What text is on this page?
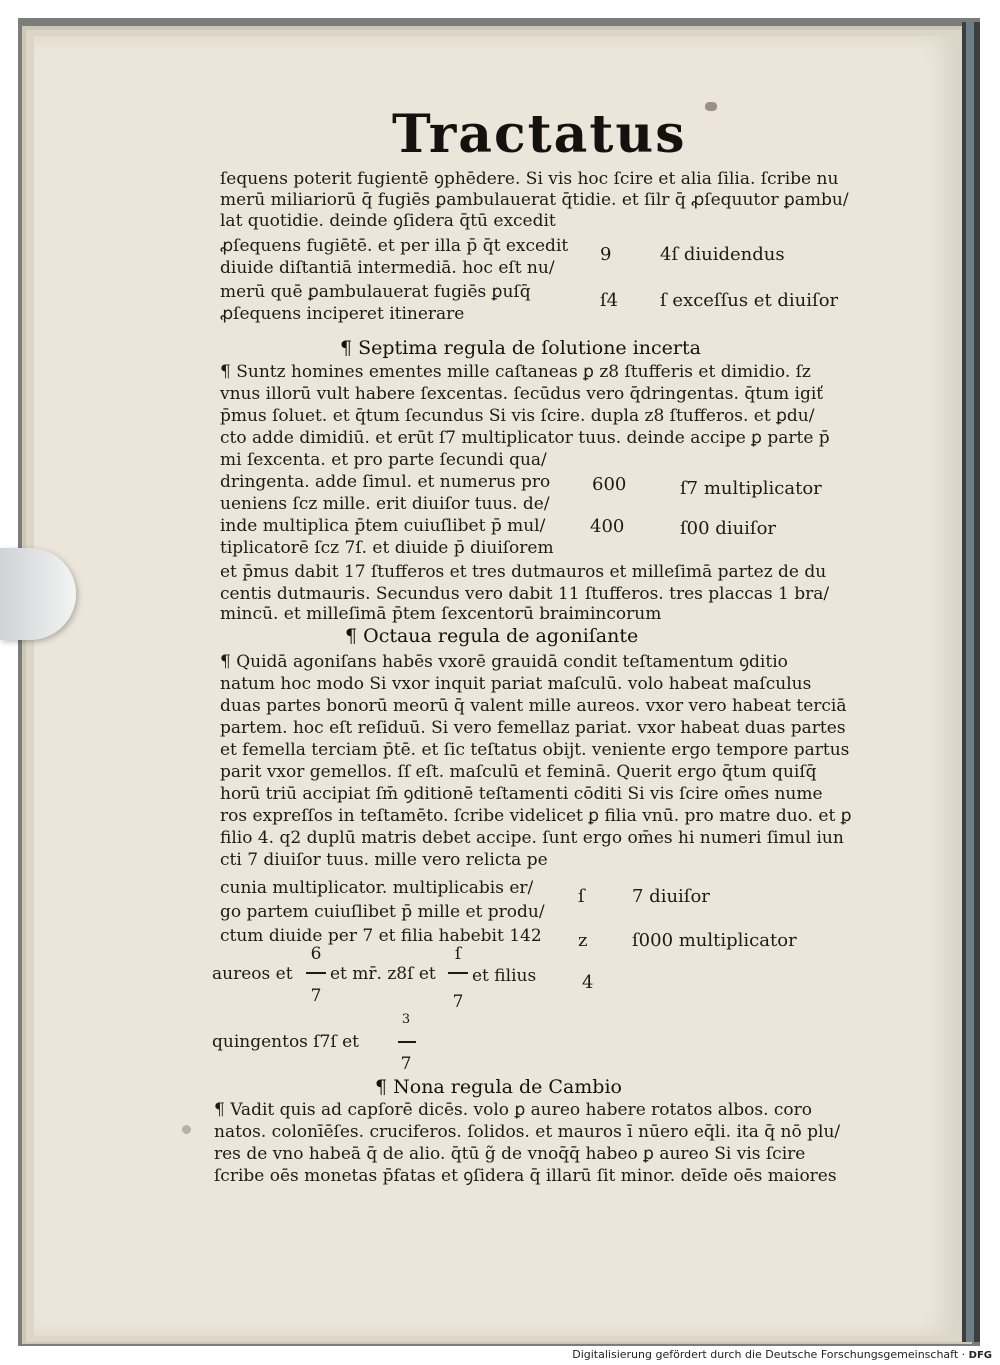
Tractatus
ſequens poterit fugientē ꝯphēdere. Si vis hoc ſcire et alia ſilia. ſcribe nu
merū miliariorū q̄ fugiēs ꝑambulauerat q̄tidie. et ſilr q̄ ꝓſequutor ꝑambu/
lat quotidie. deinde ꝯſidera q̄tū excedit
ꝓſequens fugiētē. et per illa p̄ q̄t excedit
diuide diſtantiā intermediā. hoc eſt nu/
merū quē ꝑambulauerat fugiēs ꝑuſq̄
ꝓſequens inciperet itinerare
9	4ſ diuidendus
ſ4 ſ exceſſus et diuiſor
¶ Septima regula de ſolutione incerta
¶ Suntz homines ementes mille caſtaneas ꝑ z8 ſtufferis et dimidio. ſz
vnus illorū vult habere ſexcentas. ſecūdus vero q̄dringentas. q̄tum igiť
p̄mus ſoluet. et q̄tum ſecundus Si vis ſcire. dupla z8 ſtufferos. et ꝑdu/
cto adde dimidiū. et erūt ſ7 multiplicator tuus. deinde accipe ꝑ parte p̄
mi ſexcenta. et pro parte ſecundi qua/
dringenta. adde ſimul. et numerus pro
ueniens ſcz mille. erit diuiſor tuus. de/
inde multiplica p̄tem cuiuſlibet p̄ mul/
tiplicatorē ſcz 7ſ. et diuide p̄ diuiſorem
600	ſ7 multiplicator
400	ſ00 diuiſor
et p̄mus dabit 17 ſtufferos et tres dutmauros et milleſimā partez de du
centis dutmauris. Secundus vero dabit 11 ſtufferos. tres placcas 1 bra/
mincū. et milleſimā p̄tem ſexcentorū braimincorum
¶ Octaua regula de agoniſante
¶ Quidā agoniſans habēs vxorē grauidā condit teſtamentum ꝯditio
natum hoc modo Si vxor inquit pariat maſculū. volo habeat maſculus
duas partes bonorū meorū q̄ valent mille aureos. vxor vero habeat terciā
partem. hoc eſt reſiduū. Si vero femellaz pariat. vxor habeat duas partes
et femella terciam p̄tē. et ſic teſtatus obijt. veniente ergo tempore partus
parit vxor gemellos. ſſ eſt. maſculū et feminā. Querit ergo q̄tum quiſq̄
horū triū accipiat ſm̄ ꝯditionē teſtamenti cōditi Si vis ſcire om̄es nume
ros expreſſos in teſtamēto. ſcribe videlicet ꝑ filia vnū. pro matre duo. et ꝑ
filio 4. q2 duplū matris debet accipe. ſunt ergo om̄es hi numeri ſimul iun
cti 7 diuiſor tuus. mille vero relicta pe
cunia multiplicator. multiplicabis er/
go partem cuiuſlibet p̄ mille et produ/
ctum diuide per 7 et filia habebit 142
ſ	7 diuiſor
z ſ000 multiplicator
aureos et
6
7
et mr̄. z8ſ et
ſ
7
et filius	4
quingentos ſ7ſ et
3
7
¶ Nona regula de Cambio
¶ Vadit quis ad capſorē dicēs. volo ꝑ aureo habere rotatos albos. coro
natos. colonīēſes. cruciferos. ſolidos. et mauros ī nūero eq̄li. ita q̄ nō plu/
res de vno habeā q̄ de alio. q̄tū g̃ de vnoq̄q̄ habeo ꝑ aureo Si vis ſcire
ſcribe oēs monetas p̄fatas et ꝯſidera q̄ illarū ſit minor. deīde oēs maiores
Digitalisierung gefördert durch die Deutsche Forschungsgemeinschaft · DFG
